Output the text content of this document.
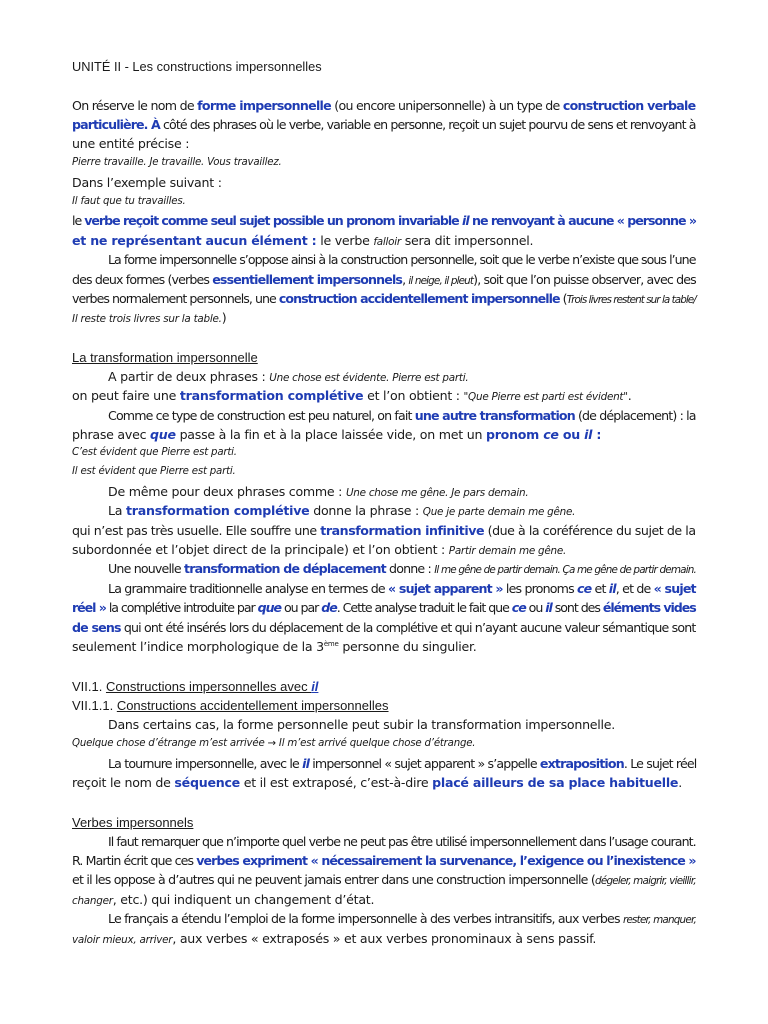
UNITÉ II - Les constructions impersonnelles
On réserve le nom de forme impersonnelle (ou encore unipersonnelle) à un type de construction verbale
particulière. À côté des phrases où le verbe, variable en personne, reçoit un sujet pourvu de sens et renvoyant à
une entité précise :
Pierre travaille. Je travaille. Vous travaillez.
Dans l’exemple suivant :
Il faut que tu travailles.
le verbe reçoit comme seul sujet possible un pronom invariable il ne renvoyant à aucune « personne »
et ne représentant aucun élément : le verbe falloir sera dit impersonnel.
La forme impersonnelle s’oppose ainsi à la construction personnelle, soit que le verbe n’existe que sous l’une
des deux formes (verbes essentiellement impersonnels, il neige, il pleut), soit que l’on puisse observer, avec des
verbes normalement personnels, une construction accidentellement impersonnelle (Trois livres restent sur la table/
Il reste trois livres sur la table.)
La transformation impersonnelle
A partir de deux phrases : Une chose est évidente. Pierre est parti.
on peut faire une transformation complétive et l’on obtient : "Que Pierre est parti est évident".
Comme ce type de construction est peu naturel, on fait une autre transformation (de déplacement) : la
phrase avec que passe à la fin et à la place laissée vide, on met un pronom ce ou il :
C’est évident que Pierre est parti.
Il est évident que Pierre est parti.
De même pour deux phrases comme : Une chose me gêne. Je pars demain.
La transformation complétive donne la phrase : Que je parte demain me gêne.
qui n’est pas très usuelle. Elle souffre une transformation infinitive (due à la coréférence du sujet de la
subordonnée et l’objet direct de la principale) et l’on obtient : Partir demain me gêne.
Une nouvelle transformation de déplacement donne : Il me gêne de partir demain. Ça me gêne de partir demain.
La grammaire traditionnelle analyse en termes de « sujet apparent » les pronoms ce et il, et de « sujet
réel » la complétive introduite par que ou par de. Cette analyse traduit le fait que ce ou il sont des éléments vides
de sens qui ont été insérés lors du déplacement de la complétive et qui n’ayant aucune valeur sémantique sont
seulement l’indice morphologique de la 3ème personne du singulier.
VII.1. Constructions impersonnelles avec il
VII.1.1. Constructions accidentellement impersonnelles
Dans certains cas, la forme personnelle peut subir la transformation impersonnelle.
Quelque chose d’étrange m’est arrivée → Il m’est arrivé quelque chose d’étrange.
La tournure impersonnelle, avec le il impersonnel « sujet apparent » s’appelle extraposition. Le sujet réel
reçoit le nom de séquence et il est extraposé, c’est-à-dire placé ailleurs de sa place habituelle.
Verbes impersonnels
Il faut remarquer que n’importe quel verbe ne peut pas être utilisé impersonnellement dans l’usage courant.
R. Martin écrit que ces verbes expriment « nécessairement la survenance, l’exigence ou l’inexistence »
et il les oppose à d’autres qui ne peuvent jamais entrer dans une construction impersonnelle (dégeler, maigrir, vieillir,
changer, etc.) qui indiquent un changement d’état.
Le français a étendu l’emploi de la forme impersonnelle à des verbes intransitifs, aux verbes rester, manquer,
valoir mieux, arriver, aux verbes « extraposés » et aux verbes pronominaux à sens passif.
